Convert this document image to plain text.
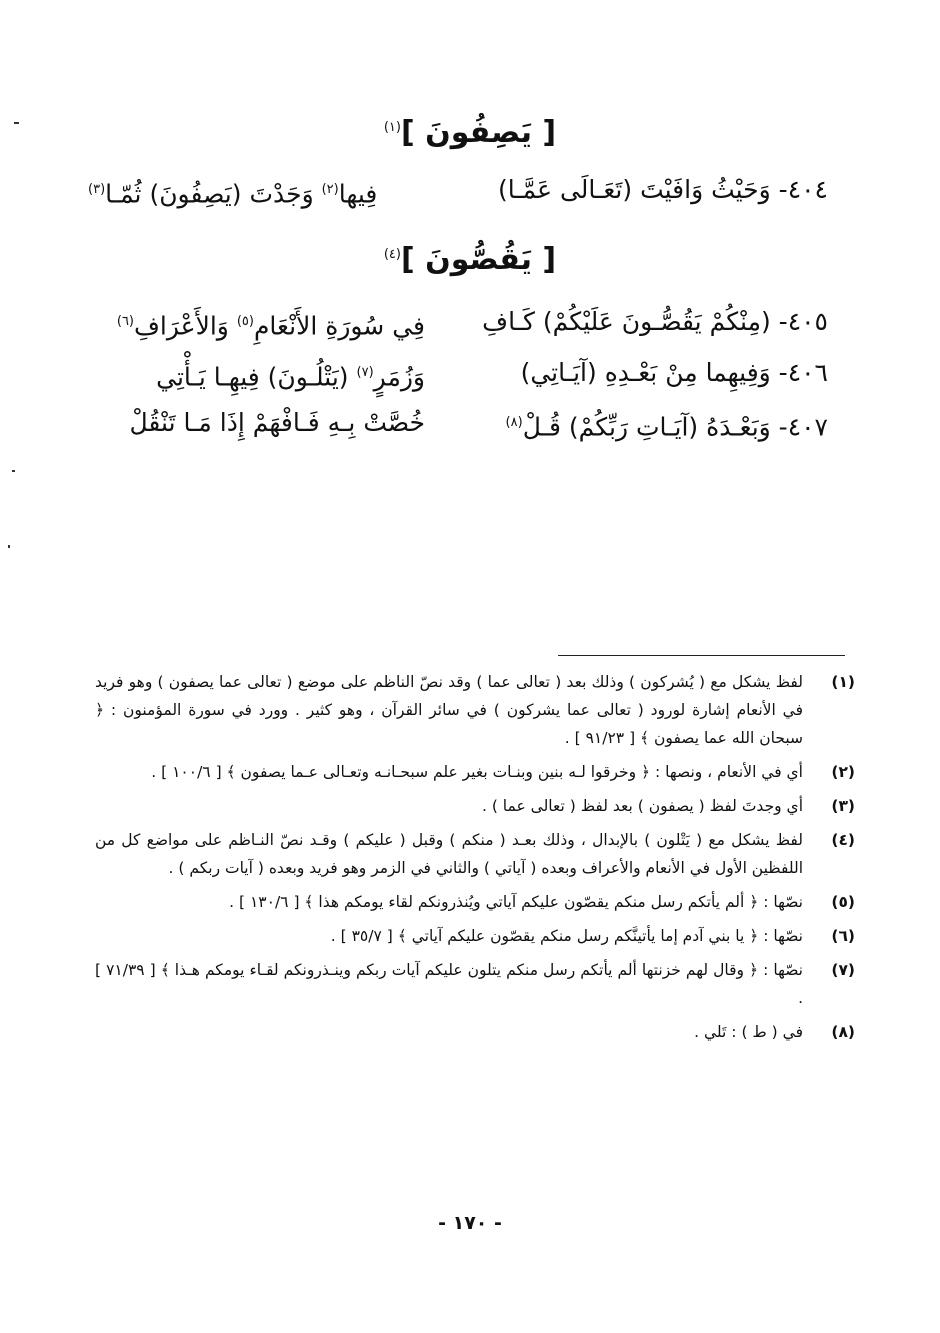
[ يَصِفُونَ ]$^{(١)}$
٤٠٤- وَحَيْثُ وَافَيْتَ (تَعَـالَى عَمَّـا)
فِيها$^{(٢)}$ وَجَدْتَ (يَصِفُونَ) ثُمّـا$^{(٣)}$
[ يَقُصُّونَ ]$^{(٤)}$
٤٠٥- (مِنْكُمْ يَقُصُّـونَ عَلَيْكُمْ) كَـافِ
فِي سُورَةِ الأَنْعَامِ$^{(٥)}$ وَالأَعْرَافِ$^{(٦)}$
٤٠٦- وَفِيهِما مِنْ بَعْـدِهِ (آيَـاتِي)
وَزُمَرٍ$^{(٧)}$ (يَتْلُـونَ) فِيهِـا يَـأْتِي
٤٠٧- وَبَعْـدَهُ (آيَـاتِ رَبِّكُمْ) قُـلْ$^{(٨)}$
خُصَّتْ بِـهِ فَـافْهَمْ إِذَا مَـا تَنْقُلْ
(١)
لفظ يشكل مع ( يُشركون ) وذلك بعد ( تعالى عما ) وقد نصّ الناظم على موضع ( تعالى عما يصفون ) وهو فريد في الأنعام إشارة لورود ( تعالى عما يشركون ) في سائر القرآن ، وهو كثير . وورد في سورة المؤمنون : ﴿ سبحان الله عما يصفون ﴾ [ ٩١/٢٣ ] .
(٢)
أي في الأنعام ، ونصها : ﴿ وخرقوا لـه بنين وبنـات بغير علم سبحـانـه وتعـالى عـما يصفون ﴾ [ ١٠٠/٦ ] .
(٣)
أي وجدتَ لفظ ( يصفون ) بعد لفظ ( تعالى عما ) .
(٤)
لفظ يشكل مع ( يَتْلون ) بالإبدال ، وذلك بعـد ( منكم ) وقبل ( عليكم ) وقـد نصّ النـاظم على مواضع كل من اللفظين الأول في الأنعام والأعراف وبعده ( آياتي ) والثاني في الزمر وهو فريد وبعده ( آيات ربكم ) .
(٥)
نصّها : ﴿ ألم يأتكم رسل منكم يقصّون عليكم آياتي ويُنذرونكم لقاء يومكم هذا ﴾ [ ١٣٠/٦ ] .
(٦)
نصّها : ﴿ يا بني آدم إما يأتينَّكم رسل منكم يقصّون عليكم آياتي ﴾ [ ٣٥/٧ ] .
(٧)
نصّها : ﴿ وقال لهم خزنتها ألم يأتكم رسل منكم يتلون عليكم آيات ربكم وينـذرونكم لقـاء يومكم هـذا ﴾ [ ٧١/٣٩ ] .
(٨)
في ( ط ) : تَلي .
- ١٧٠ -
